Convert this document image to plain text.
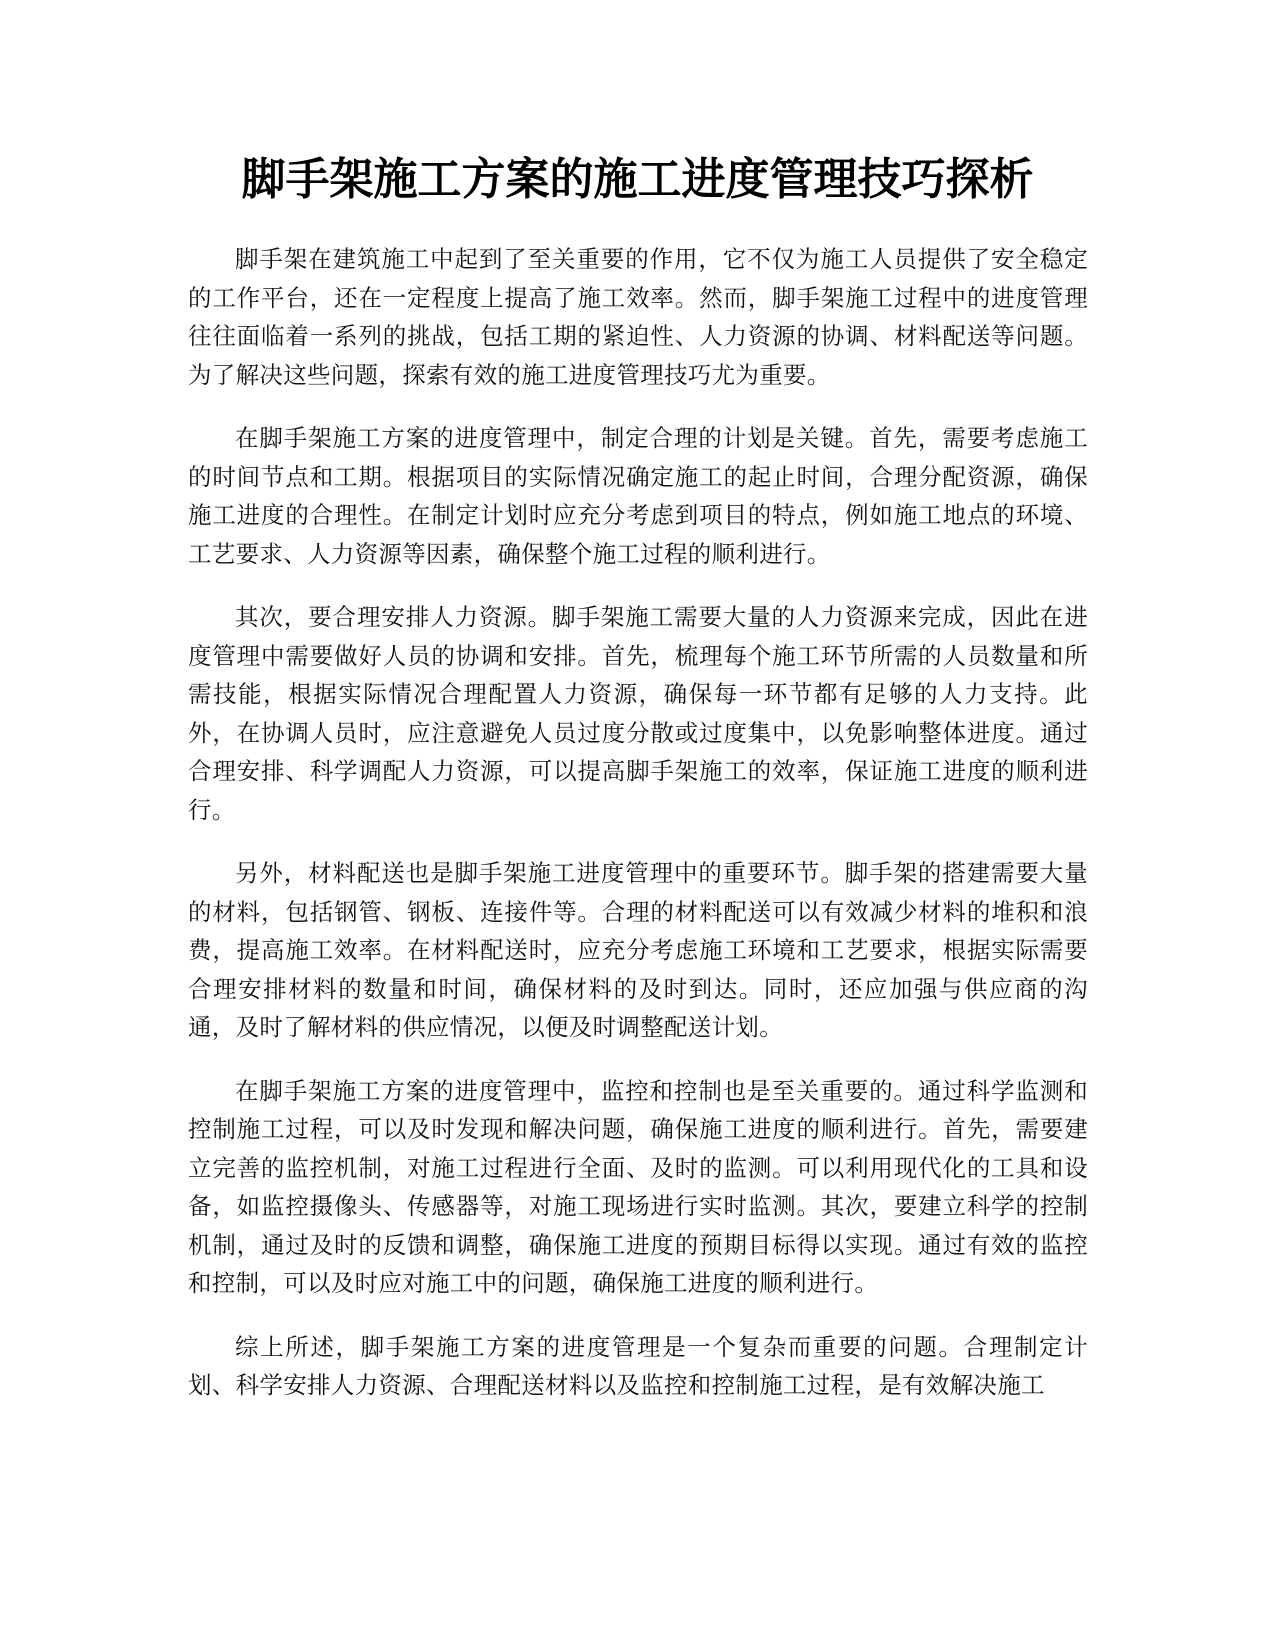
脚手架施工方案的施工进度管理技巧探析

脚手架在建筑施工中起到了至关重要的作用，它不仅为施工人员提供了安全稳定的工作平台，还在一定程度上提高了施工效率。然而，脚手架施工过程中的进度管理往往面临着一系列的挑战，包括工期的紧迫性、人力资源的协调、材料配送等问题。为了解决这些问题，探索有效的施工进度管理技巧尤为重要。

在脚手架施工方案的进度管理中，制定合理的计划是关键。首先，需要考虑施工的时间节点和工期。根据项目的实际情况确定施工的起止时间，合理分配资源，确保施工进度的合理性。在制定计划时应充分考虑到项目的特点，例如施工地点的环境、工艺要求、人力资源等因素，确保整个施工过程的顺利进行。

其次，要合理安排人力资源。脚手架施工需要大量的人力资源来完成，因此在进度管理中需要做好人员的协调和安排。首先，梳理每个施工环节所需的人员数量和所需技能，根据实际情况合理配置人力资源，确保每一环节都有足够的人力支持。此外，在协调人员时，应注意避免人员过度分散或过度集中，以免影响整体进度。通过合理安排、科学调配人力资源，可以提高脚手架施工的效率，保证施工进度的顺利进行。

另外，材料配送也是脚手架施工进度管理中的重要环节。脚手架的搭建需要大量的材料，包括钢管、钢板、连接件等。合理的材料配送可以有效减少材料的堆积和浪费，提高施工效率。在材料配送时，应充分考虑施工环境和工艺要求，根据实际需要合理安排材料的数量和时间，确保材料的及时到达。同时，还应加强与供应商的沟通，及时了解材料的供应情况，以便及时调整配送计划。

在脚手架施工方案的进度管理中，监控和控制也是至关重要的。通过科学监测和控制施工过程，可以及时发现和解决问题，确保施工进度的顺利进行。首先，需要建立完善的监控机制，对施工过程进行全面、及时的监测。可以利用现代化的工具和设备，如监控摄像头、传感器等，对施工现场进行实时监测。其次，要建立科学的控制机制，通过及时的反馈和调整，确保施工进度的预期目标得以实现。通过有效的监控和控制，可以及时应对施工中的问题，确保施工进度的顺利进行。

综上所述，脚手架施工方案的进度管理是一个复杂而重要的问题。合理制定计划、科学安排人力资源、合理配送材料以及监控和控制施工过程，是有效解决施工
